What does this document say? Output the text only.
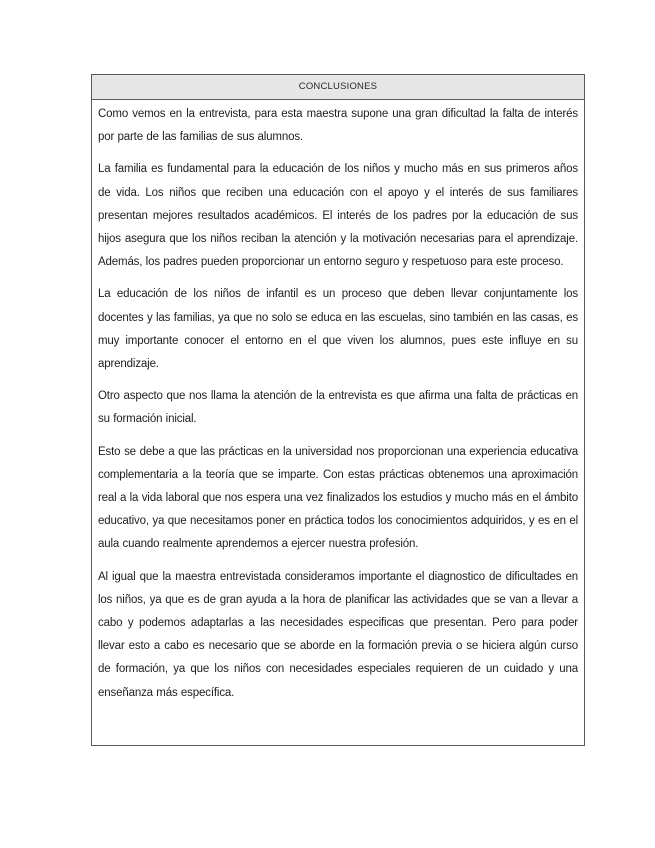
CONCLUSIONES

Como vemos en la entrevista, para esta maestra supone una gran dificultad la falta de interés por parte de las familias de sus alumnos.

La familia es fundamental para la educación de los niños y mucho más en sus primeros años de vida. Los niños que reciben una educación con el apoyo y el interés de sus familiares presentan mejores resultados académicos. El interés de los padres por la educación de sus hijos asegura que los niños reciban la atención y la motivación necesarias para el aprendizaje. Además, los padres pueden proporcionar un entorno seguro y respetuoso para este proceso.

La educación de los niños de infantil es un proceso que deben llevar conjuntamente los docentes y las familias, ya que no solo se educa en las escuelas, sino también en las casas, es muy importante conocer el entorno en el que viven los alumnos, pues este influye en su aprendizaje.

Otro aspecto que nos llama la atención de la entrevista es que afirma una falta de prácticas en su formación inicial.

Esto se debe a que las prácticas en la universidad nos proporcionan una experiencia educativa complementaria a la teoría que se imparte. Con estas prácticas obtenemos una aproximación real a la vida laboral que nos espera una vez finalizados los estudios y mucho más en el ámbito educativo, ya que necesitamos poner en práctica todos los conocimientos adquiridos, y es en el aula cuando realmente aprendemos a ejercer nuestra profesión.

Al igual que la maestra entrevistada consideramos importante el diagnostico de dificultades en los niños, ya que es de gran ayuda a la hora de planificar las actividades que se van a llevar a cabo y podemos adaptarlas a las necesidades especificas que presentan. Pero para poder llevar esto a cabo es necesario que se aborde en la formación previa o se hiciera algún curso de formación, ya que los niños con necesidades especiales requieren de un cuidado y una enseñanza más específica.
